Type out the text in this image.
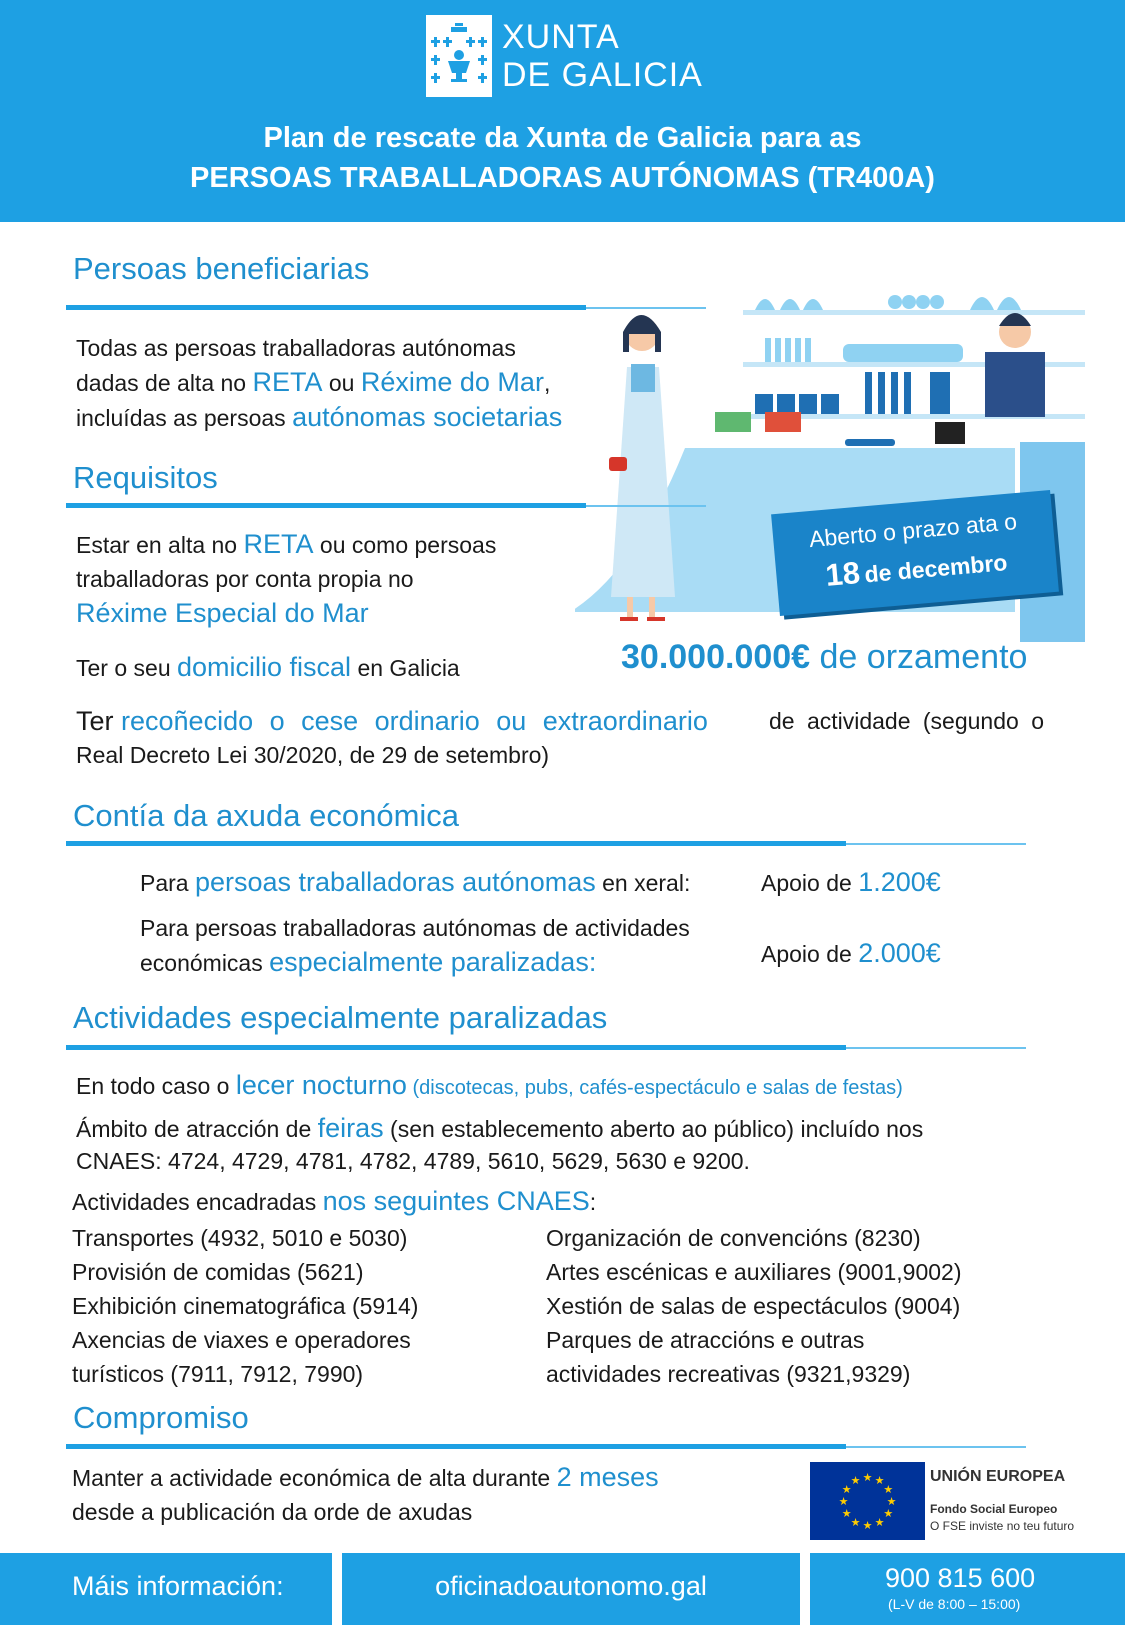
XUNTA
DE GALICIA
Plan de rescate da Xunta de Galicia para as
PERSOAS TRABALLADORAS AUTÓNOMAS (TR400A)
Aberto o prazo ata o
18 de decembro
30.000.000€ de orzamento
Persoas beneficiarias
Todas as persoas traballadoras autónomas
dadas de alta no RETA ou Réxime do Mar,
incluídas as persoas autónomas societarias
Requisitos
Estar en alta no RETA ou como persoas
traballadoras por conta propia no
Réxime Especial do Mar
Ter o seu domicilio fiscal en Galicia
Ter recoñecido o cese ordinario ou extraordinario	de actividade (segundo o
Real Decreto Lei 30/2020, de 29 de setembro)
Contía da axuda económica
Para persoas traballadoras autónomas en xeral:	Apoio de 1.200€
Para persoas traballadoras autónomas de actividades
económicas especialmente paralizadas:	Apoio de 2.000€
Actividades especialmente paralizadas
En todo caso o lecer nocturno (discotecas, pubs, cafés-espectáculo e salas de festas)
Ámbito de atracción de feiras (sen establecemento aberto ao público) incluído nos
CNAES: 4724, 4729, 4781, 4782, 4789, 5610, 5629, 5630 e 9200.
Actividades encadradas nos seguintes CNAES:
Transportes (4932, 5010 e 5030)
Provisión de comidas (5621)
Exhibición cinematográfica (5914)
Axencias de viaxes e operadores
turísticos (7911, 7912, 7990)
Organización de convencións (8230)
Artes escénicas e auxiliares (9001,9002)
Xestión de salas de espectáculos (9004)
Parques de atraccións e outras
actividades recreativas (9321,9329)
Compromiso
Manter a actividade económica de alta durante 2 meses
desde a publicación da orde de axudas	★
★
★
★
★
★
★
★
★ ★ ★
★
UNIÓN EUROPEA
Fondo Social Europeo
O FSE inviste no teu futuro
Máis información:	oficinadoautonomo.gal	900 815 600
(L-V de 8:00 – 15:00)
